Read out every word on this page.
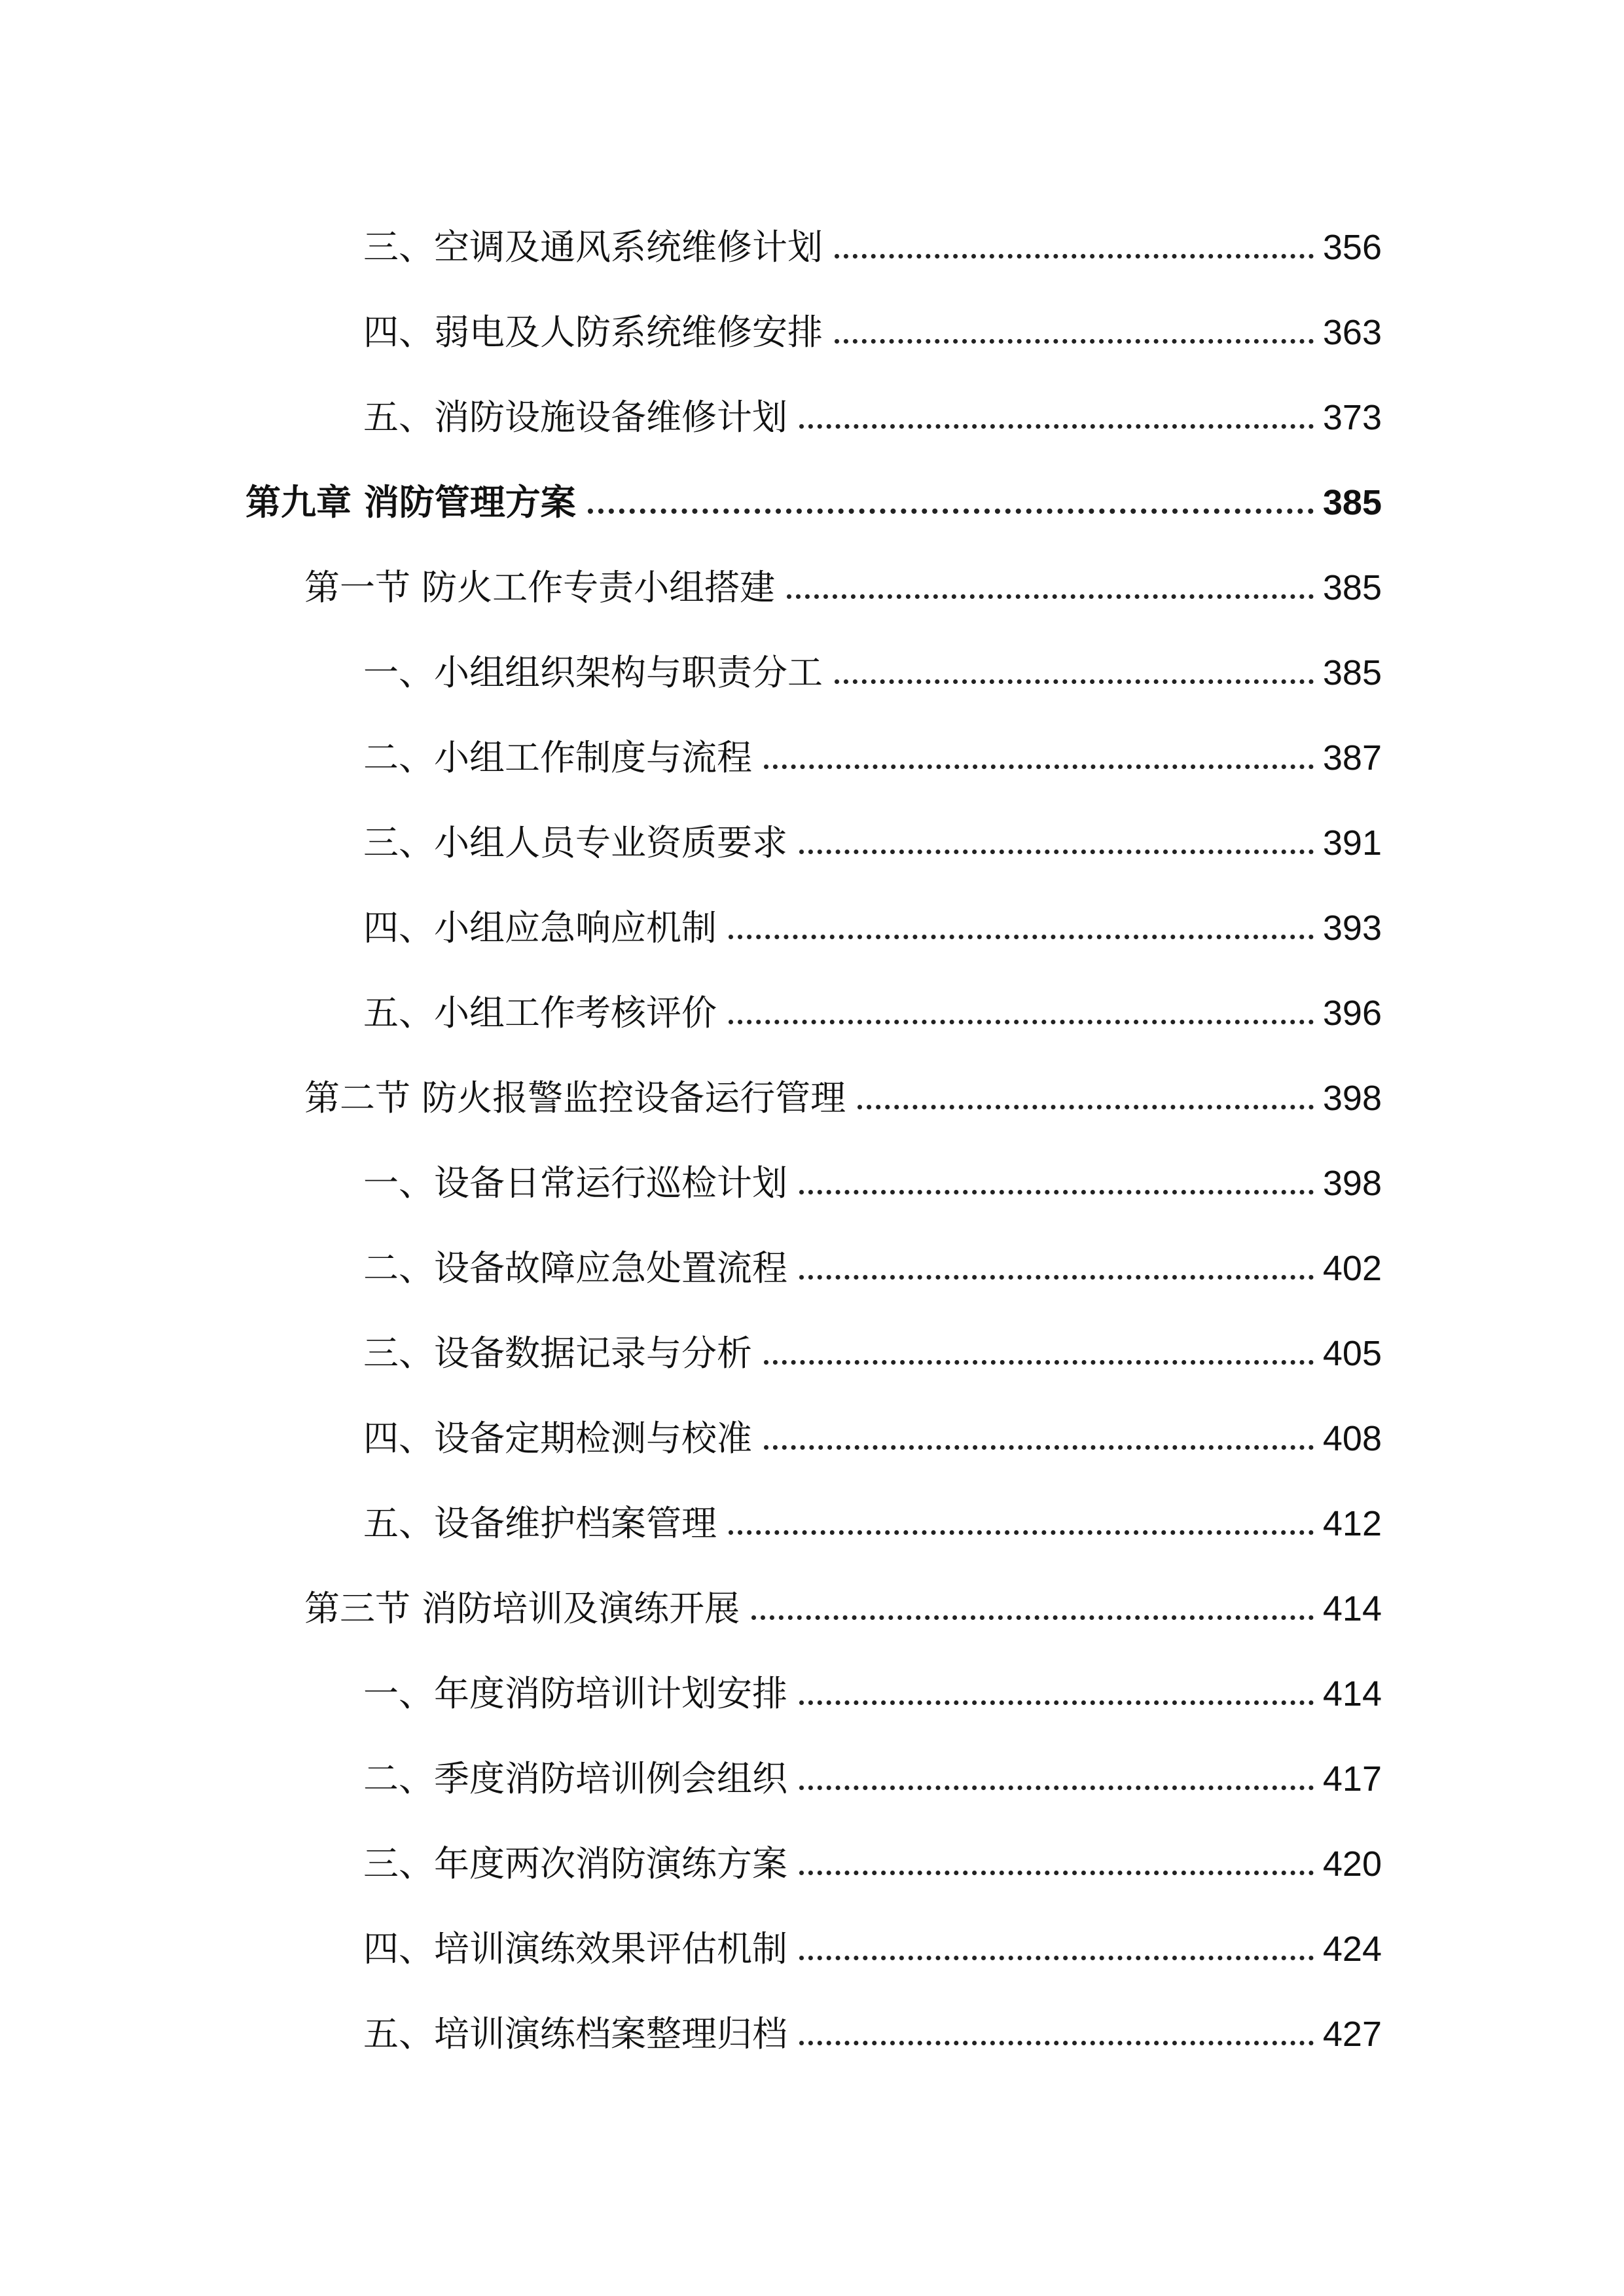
三、空调及通风系统维修计划	356
四、弱电及人防系统维修安排	363
五、消防设施设备维修计划	373
第九章 消防管理方案	385
第一节 防火工作专责小组搭建	385
一、小组组织架构与职责分工	385
二、小组工作制度与流程	387
三、小组人员专业资质要求	391
四、小组应急响应机制	393
五、小组工作考核评价	396
第二节 防火报警监控设备运行管理	398
一、设备日常运行巡检计划	398
二、设备故障应急处置流程	402
三、设备数据记录与分析	405
四、设备定期检测与校准	408
五、设备维护档案管理	412
第三节 消防培训及演练开展	414
一、年度消防培训计划安排	414
二、季度消防培训例会组织	417
三、年度两次消防演练方案	420
四、培训演练效果评估机制	424
五、培训演练档案整理归档	427
